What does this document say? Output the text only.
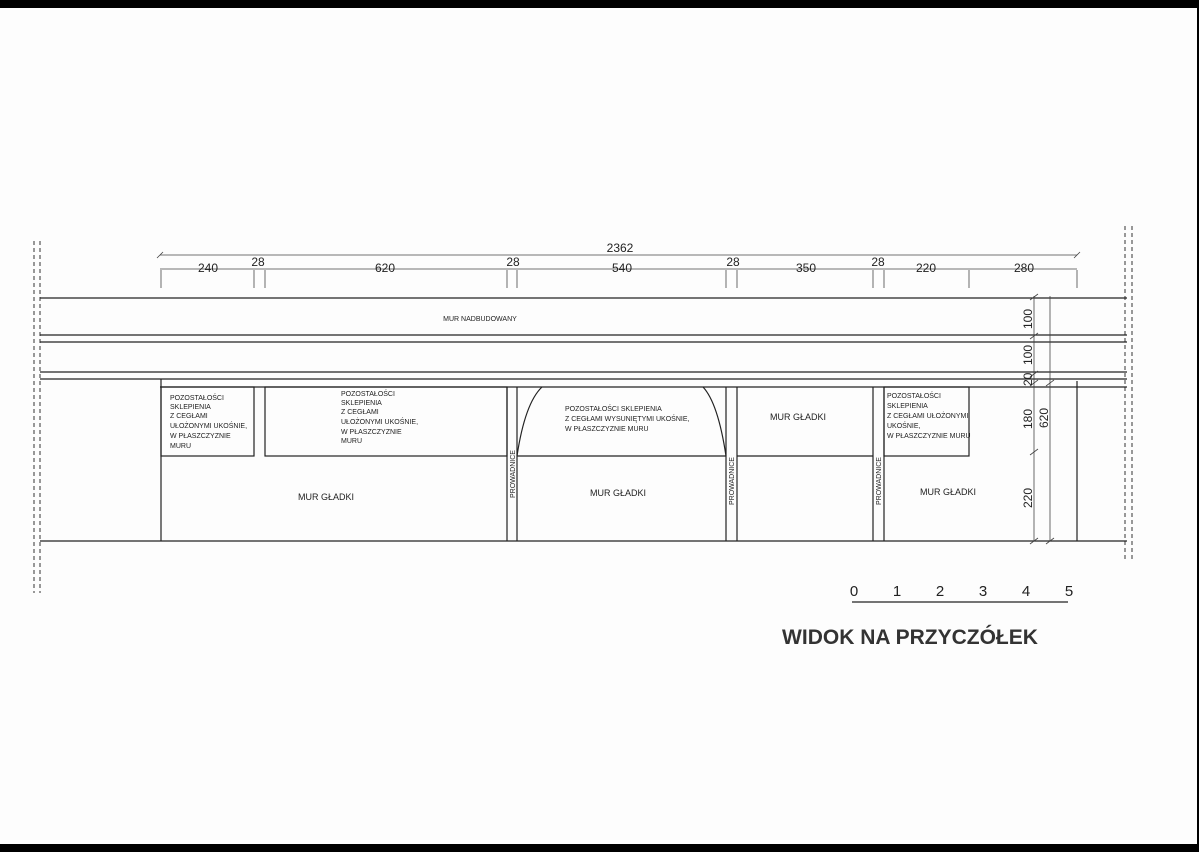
2362
240	28	620	28	540	28	350	28	220	280
MUR NADBUDOWANY
POZOSTAŁOŚCI
SKLEPIENIA
Z CEGŁAMI
UŁOŻONYMI UKOŚNIE,
W PŁASZCZYZNIE
MURU
POZOSTAŁOŚCI
SKLEPIENIA
Z CEGŁAMI
UŁOŻONYMI UKOŚNIE,
W PŁASZCZYZNIE
MURU
POZOSTAŁOŚCI SKLEPIENIA
Z CEGŁAMI WYSUNIĘTYMI UKOŚNIE,
W PŁASZCZYZNIE MURU
POZOSTAŁOŚCI
SKLEPIENIA
Z CEGŁAMI UŁOŻONYMI
UKOŚNIE,
W PŁASZCZYZNIE MURU
MUR GŁADKI
MUR GŁADKI	MUR GŁADKI	MUR GŁADKI
PROWADNICE	PROWADNICE	PROWADNICE
100
100
20
180 620
220
0 1 2 3 4 5
WIDOK NA PRZYCZÓŁEK
